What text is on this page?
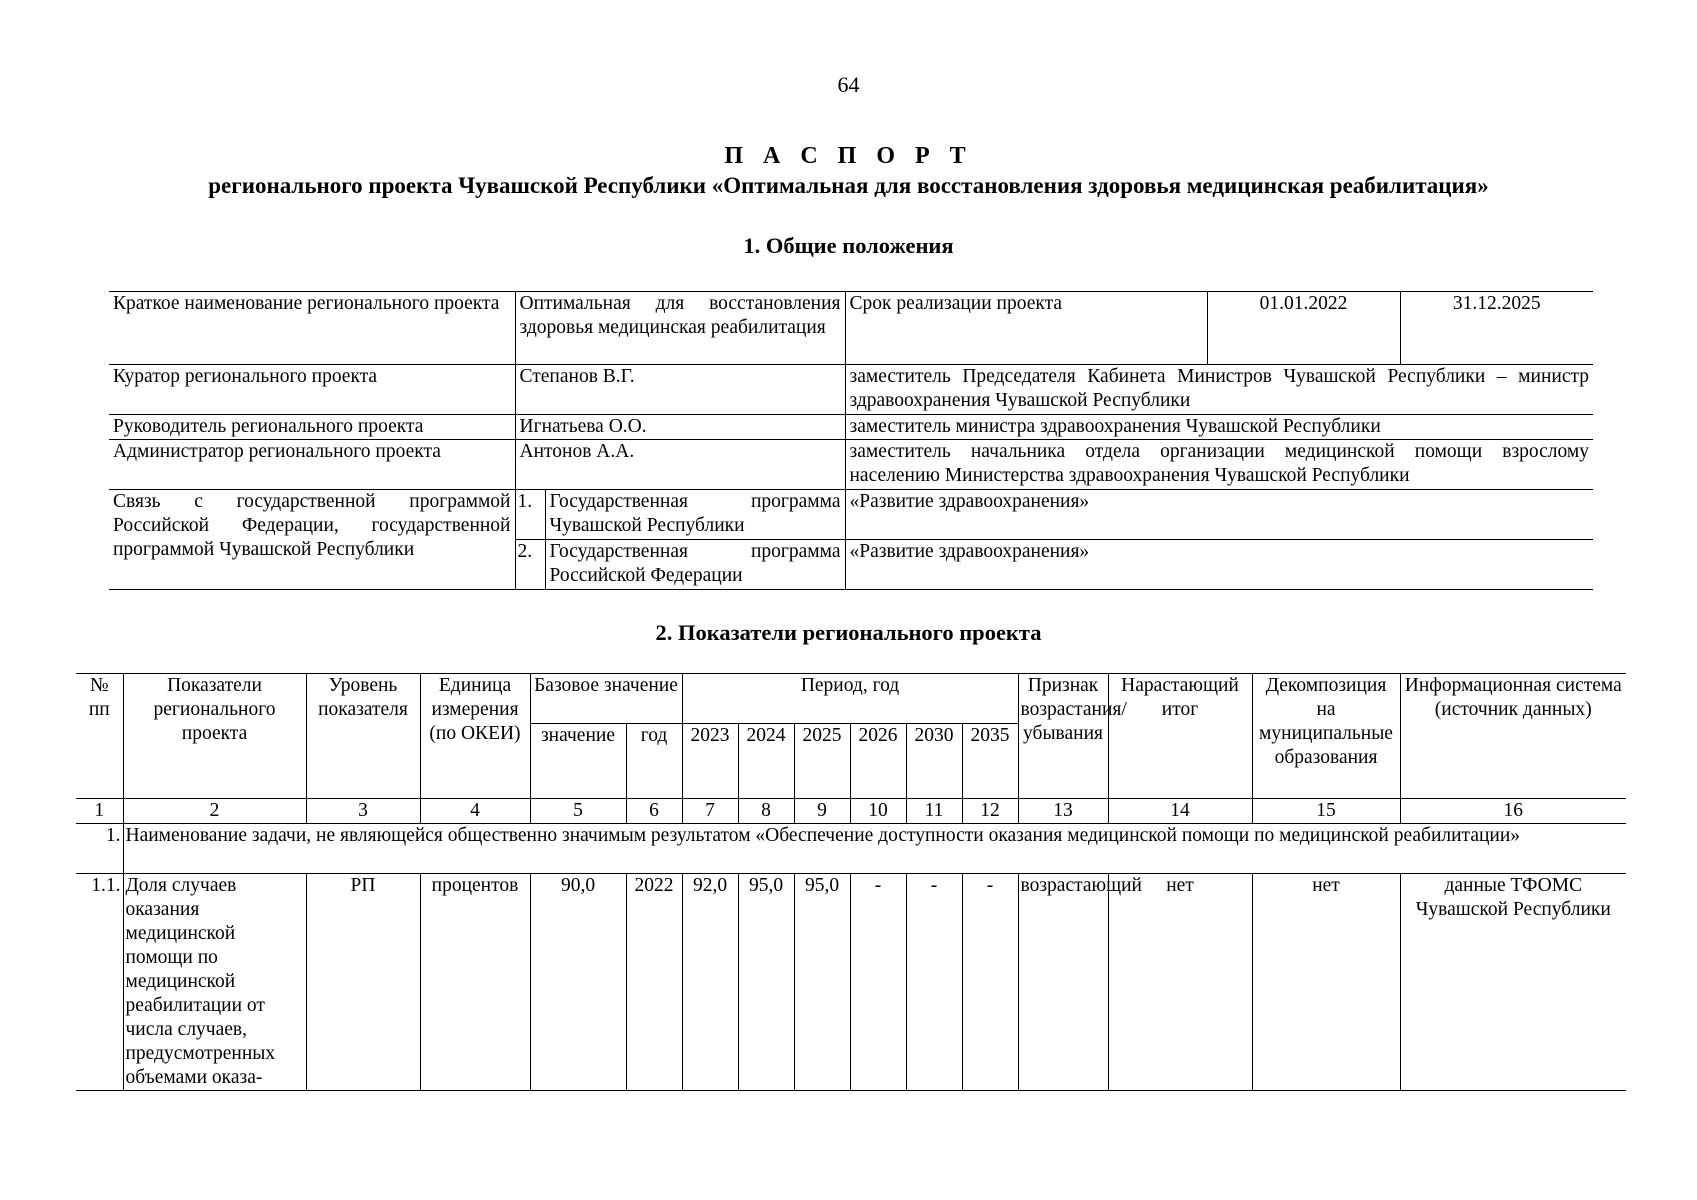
64
П А С П О Р Т
регионального проекта Чувашской Республики «Оптимальная для восстановления здоровья медицинская реабилитация»
1. Общие положения
Краткое наименование регионального проекта	Оптимальная для восстановления здоровья медицинская реабилитация		Срок реализации проекта	01.01.2022	31.12.2025
Куратор регионального проекта	Степанов В.Г.		заместитель Председателя Кабинета Министров Чувашской Республики – министр здравоохранения Чувашской Республики		
Руководитель регионального проекта	Игнатьева О.О.		заместитель министра здравоохранения Чувашской Республики		
Администратор регионального проекта	Антонов А.А.		заместитель начальника отдела организации медицинской помощи взрослому населению Министерства здравоохранения Чувашской Республики		
Связь с государственной программой Российской Федерации, государственной программой Чувашской Республики	1.	Государственная программа Чувашской Республики	«Развитие здравоохранения»		
	2.	Государственная программа Российской Федерации	«Развитие здравоохранения»		
2. Показатели регионального проекта
№ пп	Показатели регионального проекта	Уровень показателя	Единица измерения (по ОКЕИ)	Базовое значение		Период, год						Признак возрастания/ убывания	Нарастающий итог	Декомпозиция на муниципальные образования	Информационная система (источник данных)
				значение	год	2023	2024	2025	2026	2030	2035				
1	2	3	4	5	6	7	8	9	10	11	12	13	14	15	16
1.	Наименование задачи, не являющейся общественно значимым результатом «Обеспечение доступности оказания медицинской помощи по медицинской реабилитации»														
1.1.	Доля случаев оказания медицинской помощи по медицинской реабилитации от числа случаев, предусмотренных объемами оказа-	РП	процентов	90,0	2022	92,0	95,0	95,0	-	-	-	возрастающий	нет	нет	данные ТФОМС Чувашской Республики
